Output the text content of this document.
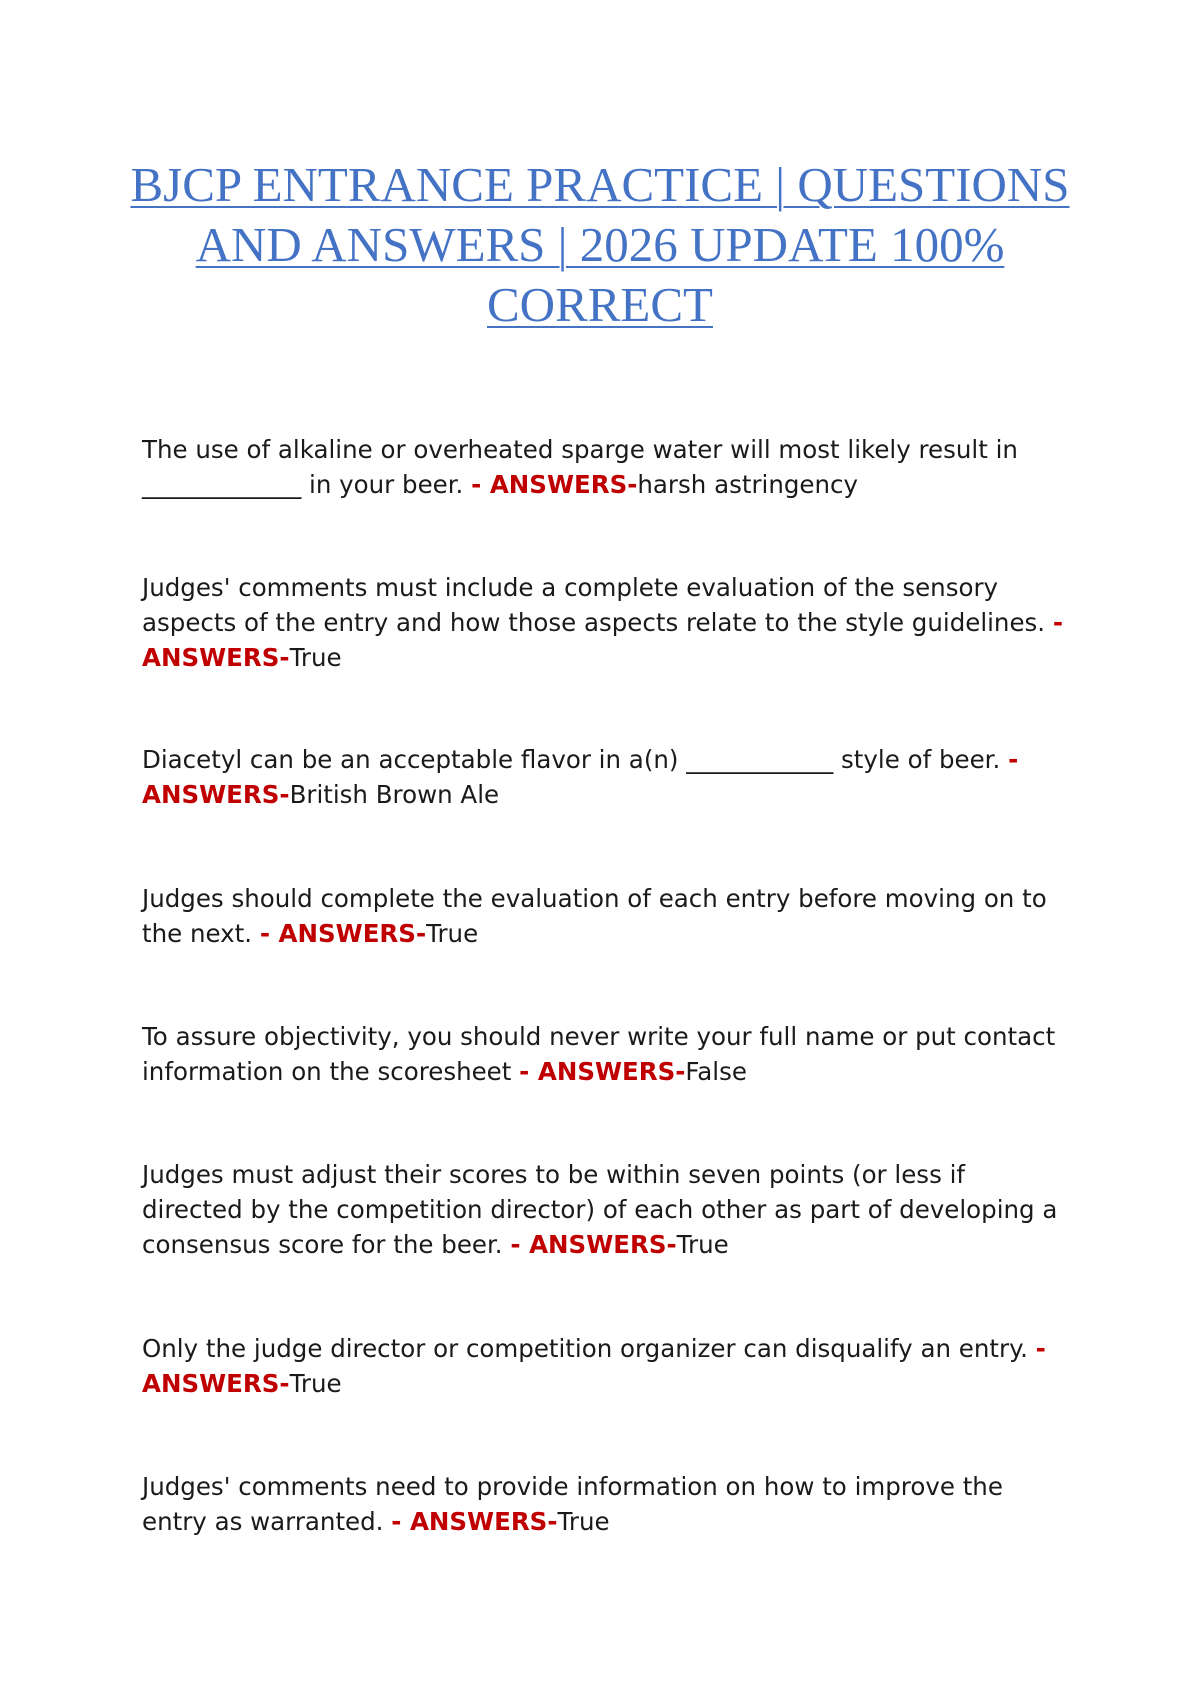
BJCP ENTRANCE PRACTICE | QUESTIONS AND ANSWERS | 2026 UPDATE 100% CORRECT

The use of alkaline or overheated sparge water will most likely result in _____________ in your beer. - ANSWERS-harsh astringency

Judges' comments must include a complete evaluation of the sensory aspects of the entry and how those aspects relate to the style guidelines. - ANSWERS-True

Diacetyl can be an acceptable flavor in a(n) ____________ style of beer. - ANSWERS-British Brown Ale

Judges should complete the evaluation of each entry before moving on to the next. - ANSWERS-True

To assure objectivity, you should never write your full name or put contact information on the scoresheet - ANSWERS-False

Judges must adjust their scores to be within seven points (or less if directed by the competition director) of each other as part of developing a consensus score for the beer. - ANSWERS-True

Only the judge director or competition organizer can disqualify an entry. - ANSWERS-True

Judges' comments need to provide information on how to improve the entry as warranted. - ANSWERS-True
